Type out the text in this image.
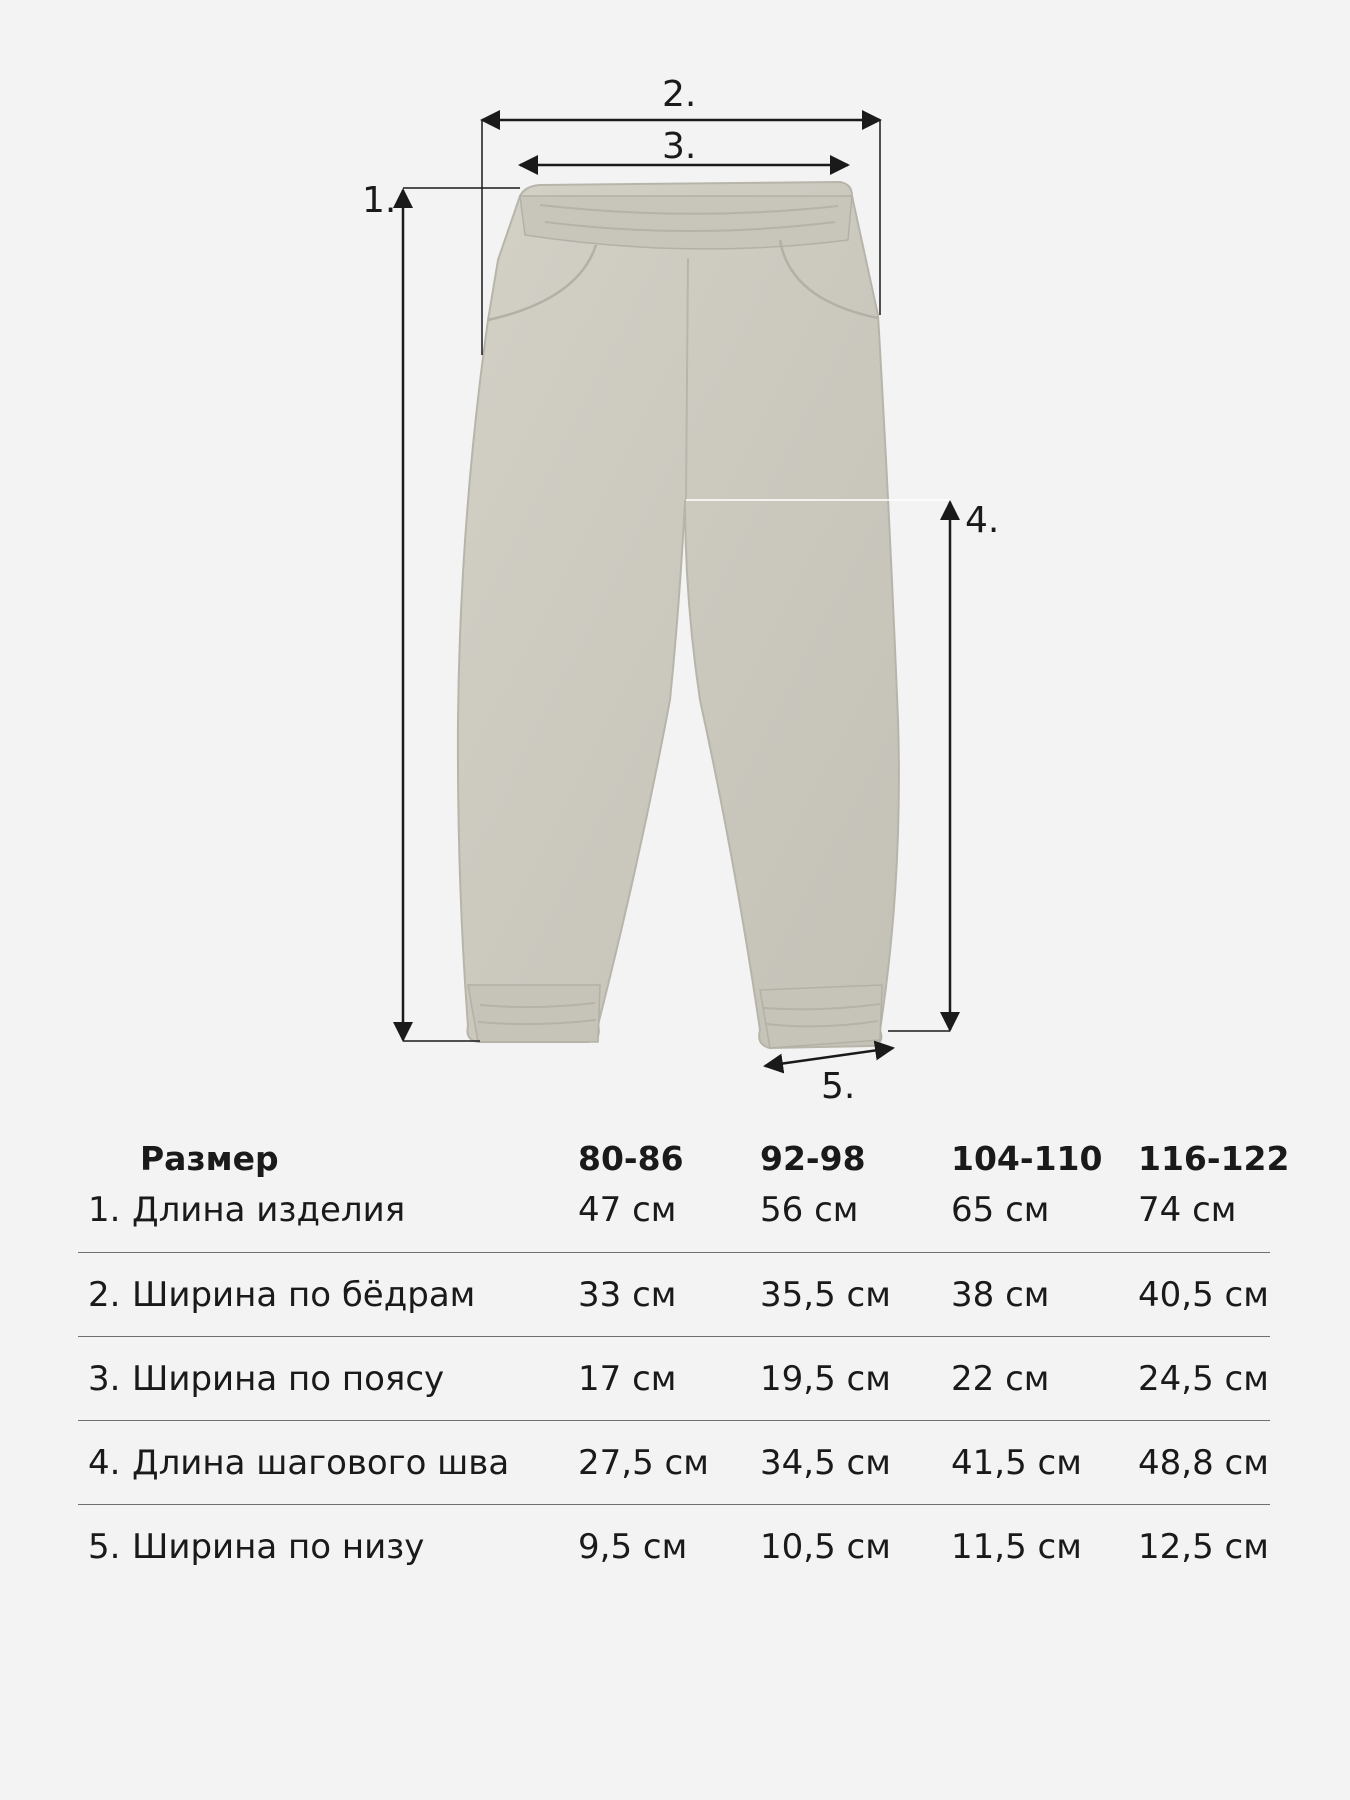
1.
2.
3.
4.
5.
Размер	80-86	92-98	104-110	116-122
1. Длина изделия	47 см	56 см	65 см	74 см
2. Ширина по бёдрам	33 см	35,5 см	38 см	40,5 см
3. Ширина по поясу	17 см	19,5 см	22 см	24,5 см
4. Длина шагового шва	27,5 см	34,5 см	41,5 см	48,8 см
5. Ширина по низу	9,5 см	10,5 см	11,5 см	12,5 см
